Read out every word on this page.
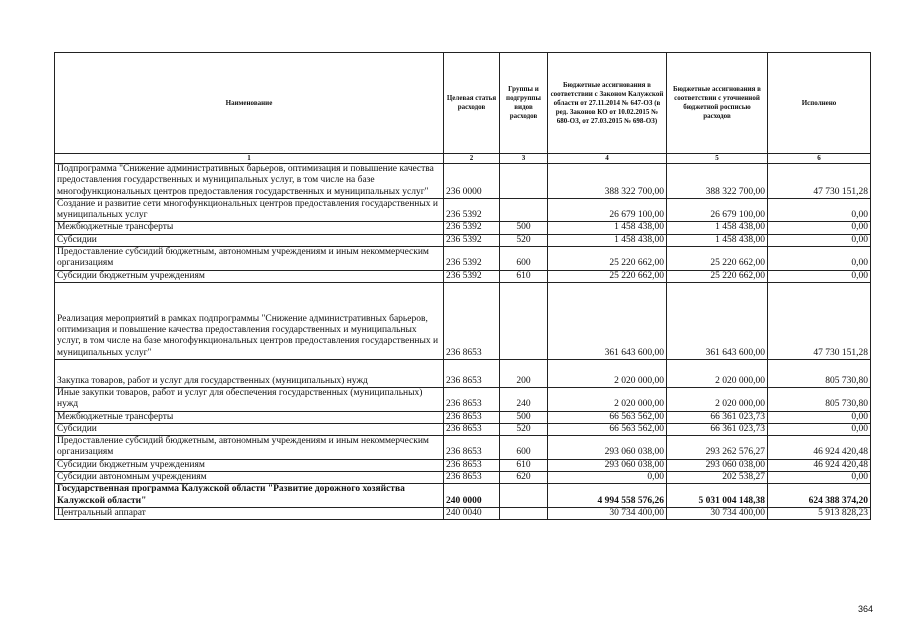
Наименование	Целевая статья расходов	Группы и подгруппы видов расходов	Бюджетные ассигнования в соответствии с Законом Калужской области от 27.11.2014 № 647-ОЗ (в ред. Законов КО от 10.02.2015 № 680-ОЗ, от 27.03.2015 № 698-ОЗ)	Бюджетные ассигнования в соответствии с уточненной бюджетной росписью расходов	Исполнено
1	2	3	4	5	6
Подпрограмма "Снижение административных барьеров, оптимизация и повышение качества предоставления государственных и муниципальных услуг, в том числе на базе многофункциональных центров предоставления государственных и муниципальных услуг"	236 0000		388 322 700,00	388 322 700,00	47 730 151,28
Создание и развитие сети многофункциональных центров предоставления государственных и муниципальных услуг	236 5392		26 679 100,00	26 679 100,00	0,00
Межбюджетные трансферты	236 5392	500	1 458 438,00	1 458 438,00	0,00
Субсидии	236 5392	520	1 458 438,00	1 458 438,00	0,00
Предоставление субсидий бюджетным, автономным учреждениям и иным некоммерческим организациям	236 5392	600	25 220 662,00	25 220 662,00	0,00
Субсидии бюджетным учреждениям	236 5392	610	25 220 662,00	25 220 662,00	0,00
Реализация мероприятий в рамках подпрограммы "Снижение административных барьеров, оптимизация и повышение качества предоставления государственных и муниципальных услуг, в том числе на базе многофункциональных центров предоставления государственных и муниципальных услуг"	236 8653		361 643 600,00	361 643 600,00	47 730 151,28
Закупка товаров, работ и услуг для государственных (муниципальных) нужд	236 8653	200	2 020 000,00	2 020 000,00	805 730,80
Иные закупки товаров, работ и услуг для обеспечения государственных (муниципальных) нужд	236 8653	240	2 020 000,00	2 020 000,00	805 730,80
Межбюджетные трансферты	236 8653	500	66 563 562,00	66 361 023,73	0,00
Субсидии	236 8653	520	66 563 562,00	66 361 023,73	0,00
Предоставление субсидий бюджетным, автономным учреждениям и иным некоммерческим организациям	236 8653	600	293 060 038,00	293 262 576,27	46 924 420,48
Субсидии бюджетным учреждениям	236 8653	610	293 060 038,00	293 060 038,00	46 924 420,48
Субсидии автономным учреждениям	236 8653	620	0,00	202 538,27	0,00
Государственная программа Калужской области "Развитие дорожного хозяйства Калужской области"	240 0000		4 994 558 576,26	5 031 004 148,38	624 388 374,20
Центральный аппарат	240 0040		30 734 400,00	30 734 400,00	5 913 828,23
364
